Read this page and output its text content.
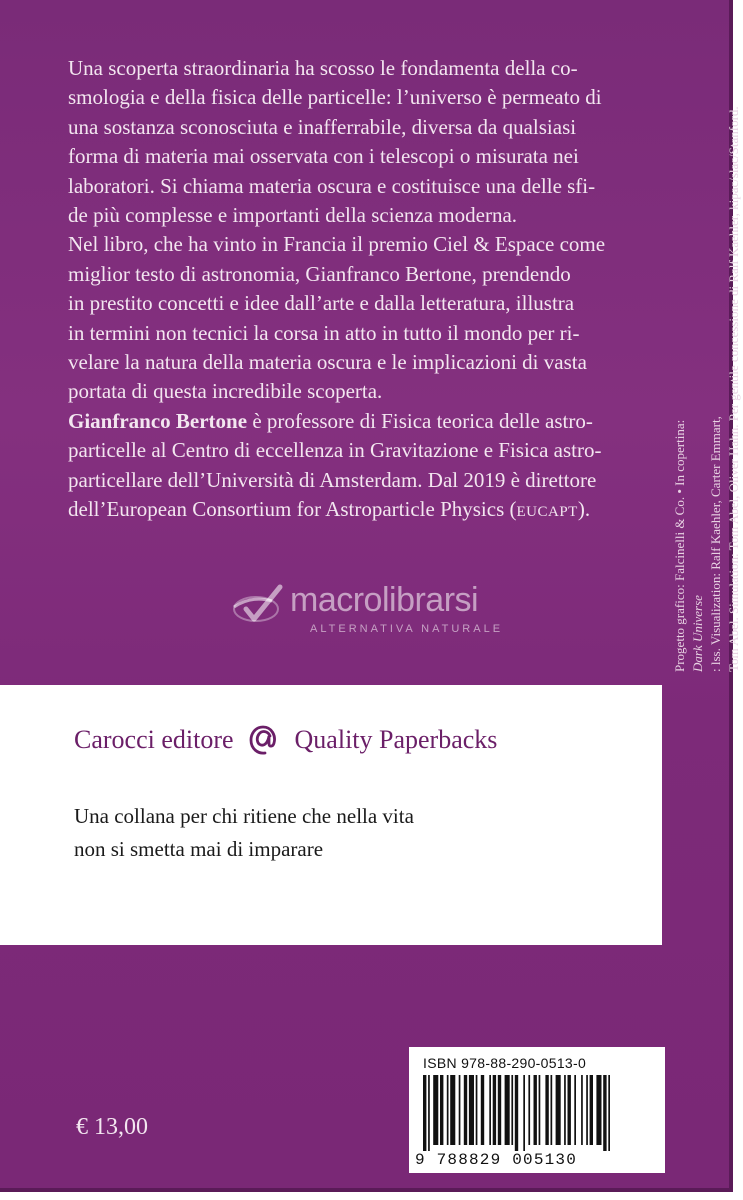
Una scoperta straordinaria ha scosso le fondamenta della co-
smologia e della fisica delle particelle: l’universo è permeato di
una sostanza sconosciuta e inafferrabile, diversa da qualsiasi
forma di materia mai osservata con i telescopi o misurata nei
laboratori. Si chiama materia oscura e costituisce una delle sfi-
de più complesse e importanti della scienza moderna.
Nel libro, che ha vinto in Francia il premio Ciel & Espace come
miglior testo di astronomia, Gianfranco Bertone, prendendo
in prestito concetti e idee dall’arte e dalla letteratura, illustra
in termini non tecnici la corsa in atto in tutto il mondo per ri-
velare la natura della materia oscura e le implicazioni di vasta
portata di questa incredibile scoperta.

Gianfranco Bertone è professore di Fisica teorica delle astro-
particelle al Centro di eccellenza in Gravitazione e Fisica astro-
particellare dell’Università di Amsterdam. Dal 2019 è direttore
dell’European Consortium for Astroparticle Physics (eucapt).	Progetto grafico: Falcinelli & Co. • In copertina: Dark Universe : lss. Visualization: Ralf Kaehler, Carter Emmart, Tom Abel. Simulation: Tom Abel, Oliver Hahn. Per gentile concessione di Ralf Kaehler, kipac/slac/Stanford.
macrolibrarsi
ALTERNATIVA NATURALE
Carocci editore Quality Paperbacks
Una collana per chi ritiene che nella vita
non si smetta mai di imparare
ISBN 978-88-290-0513-0
9 788829 005130
€ 13,00
